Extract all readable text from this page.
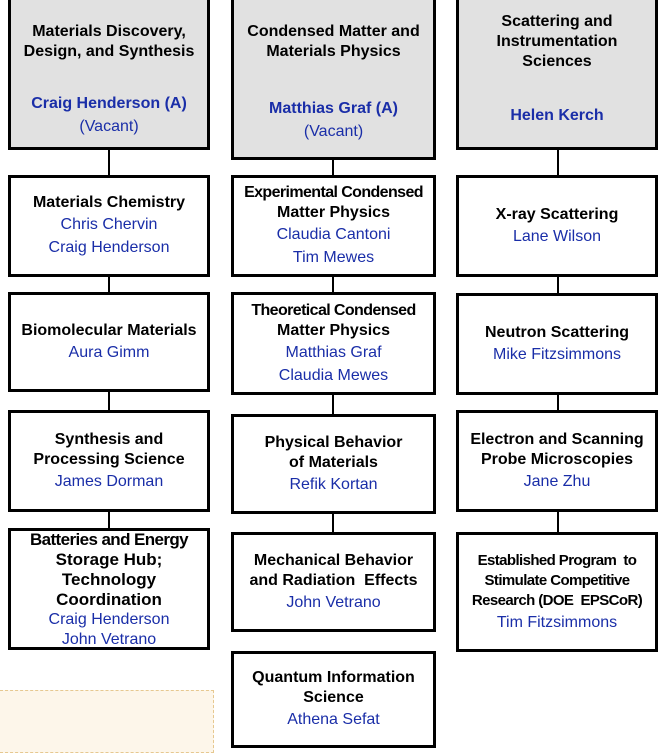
Materials Discovery,
Design, and Synthesis
Craig Henderson (A)
(Vacant)
Condensed Matter and
Materials Physics
Matthias Graf (A)
(Vacant)
Scattering and
Instrumentation
Sciences
Helen Kerch
Materials Chemistry
Chris Chervin
Craig Henderson
Biomolecular Materials
Aura Gimm
Synthesis and
Processing Science
James Dorman
Batteries and Energy
Storage Hub;
Technology
Coordination
Craig Henderson
John Vetrano
Experimental Condensed
Matter Physics
Claudia Cantoni
Tim Mewes
Theoretical Condensed
Matter Physics
Matthias Graf
Claudia Mewes
Physical Behavior
of Materials
Refik Kortan
Mechanical Behavior
and Radiation  Effects
John Vetrano
Quantum Information
Science
Athena Sefat
X-ray Scattering
Lane Wilson
Neutron Scattering
Mike Fitzsimmons
Electron and Scanning
Probe Microscopies
Jane Zhu
Established Program  to
Stimulate Competitive
Research (DOE  EPSCoR)
Tim Fitzsimmons
